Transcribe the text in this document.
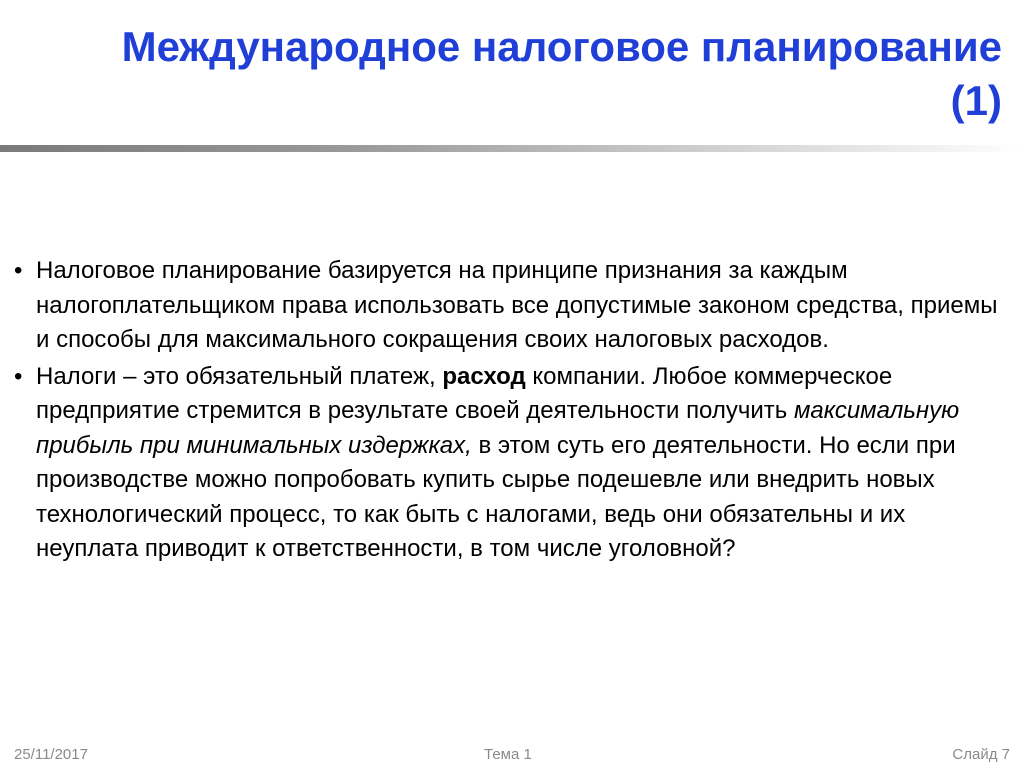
Международное налоговое планирование
(1)
• Налоговое планирование базируется на принципе признания за каждым налогоплательщиком права использовать все допустимые законом средства, приемы и способы для максимального сокращения своих налоговых расходов.
• Налоги – это обязательный платеж, расход компании. Любое коммерческое предприятие стремится в результате своей деятельности получить максимальную прибыль при минимальных издержках, в этом суть его деятельности. Но если при производстве можно попробовать купить сырье подешевле или внедрить новых технологический процесс, то как быть с налогами, ведь они обязательны и их неуплата приводит к ответственности, в том числе уголовной?
25/11/2017	Тема 1	Слайд 7
